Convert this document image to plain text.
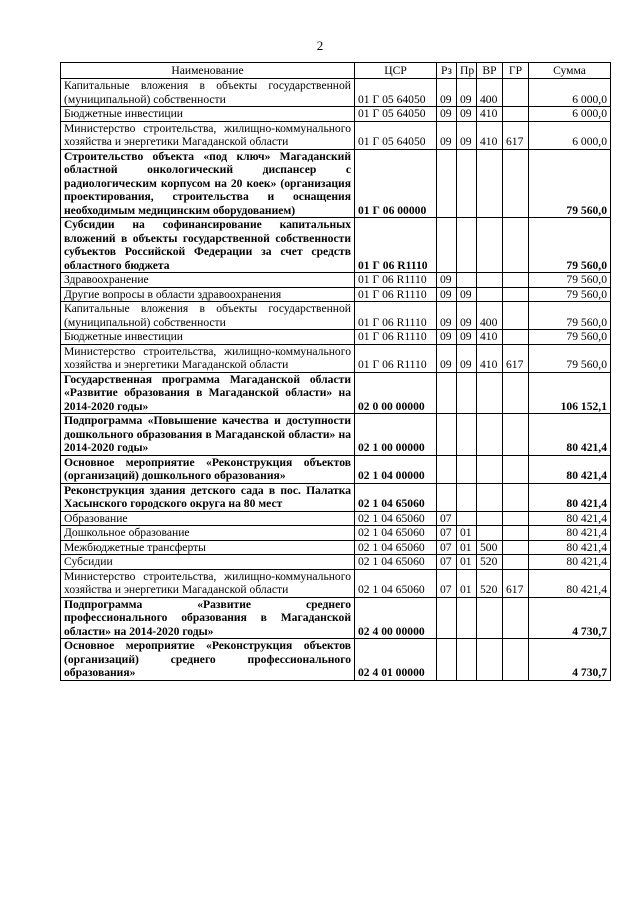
2
Наименование	ЦСР	Рз	Пр	ВР	ГР	Сумма
Капитальные вложения в объекты государственной (муниципальной) собственности	01 Г 05 64050	09	09	400		6 000,0
Бюджетные инвестиции	01 Г 05 64050	09	09	410		6 000,0
Министерство строительства, жилищно-коммунального хозяйства и энергетики Магаданской области	01 Г 05 64050	09	09	410	617	6 000,0
Строительство объекта «под ключ» Магаданский областной онкологический диспансер с радиологическим корпусом на 20 коек» (организация проектирования, строительства и оснащения необходимым медицинским оборудованием)	01 Г 06 00000					79 560,0
Субсидии на софинансирование капитальных вложений в объекты государственной собственности субъектов Российской Федерации за счет средств областного бюджета	01 Г 06 R1110					79 560,0
Здравоохранение	01 Г 06 R1110	09				79 560,0
Другие вопросы в области здравоохранения	01 Г 06 R1110	09	09			79 560,0
Капитальные вложения в объекты государственной (муниципальной) собственности	01 Г 06 R1110	09	09	400		79 560,0
Бюджетные инвестиции	01 Г 06 R1110	09	09	410		79 560,0
Министерство строительства, жилищно-коммунального хозяйства и энергетики Магаданской области	01 Г 06 R1110	09	09	410	617	79 560,0
Государственная программа Магаданской области «Развитие образования в Магаданской области» на 2014-2020 годы»	02 0 00 00000					106 152,1
Подпрограмма «Повышение качества и доступности дошкольного образования в Магаданской области» на 2014-2020 годы»	02 1 00 00000					80 421,4
Основное мероприятие «Реконструкция объектов (организаций) дошкольного образования»	02 1 04 00000					80 421,4
Реконструкция здания детского сада в пос. Палатка Хасынского городского округа на 80 мест	02 1 04 65060					80 421,4
Образование	02 1 04 65060	07				80 421,4
Дошкольное образование	02 1 04 65060	07	01			80 421,4
Межбюджетные трансферты	02 1 04 65060	07	01	500		80 421,4
Субсидии	02 1 04 65060	07	01	520		80 421,4
Министерство строительства, жилищно-коммунального хозяйства и энергетики Магаданской области	02 1 04 65060	07	01	520	617	80 421,4
Подпрограмма «Развитие среднего профессионального образования в Магаданской области» на 2014-2020 годы»	02 4 00 00000					4 730,7
Основное мероприятие «Реконструкция объектов (организаций) среднего профессионального образования»	02 4 01 00000					4 730,7
